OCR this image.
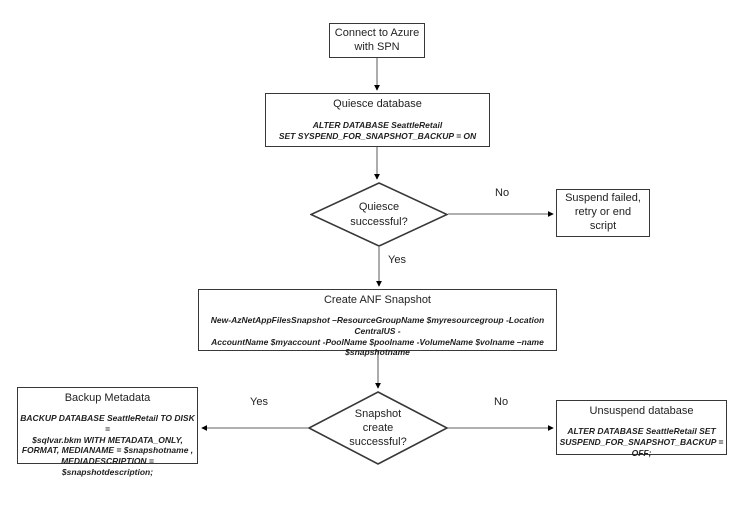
Connect to Azure
with SPN
Quiesce database
ALTER DATABASE SeattleRetail
SET SYSPEND_FOR_SNAPSHOT_BACKUP = ON
Quiesce
successful?
Suspend failed,
retry or end
script
Create ANF Snapshot
New-AzNetAppFilesSnapshot –ResourceGroupName $myresourcegroup -Location CentralUS -
AccountName $myaccount -PoolName $poolname -VolumeName $volname –name
$snapshotname
Snapshot
create
successful?
Backup Metadata
BACKUP DATABASE SeattleRetail TO DISK =
$sqlvar.bkm WITH METADATA_ONLY,
FORMAT, MEDIANAME = $snapshotname ,
MEDIADESCRIPTION = $snapshotdescription;
Unsuspend database
ALTER DATABASE SeattleRetail SET
SUSPEND_FOR_SNAPSHOT_BACKUP = OFF;
No
Yes
Yes	No
